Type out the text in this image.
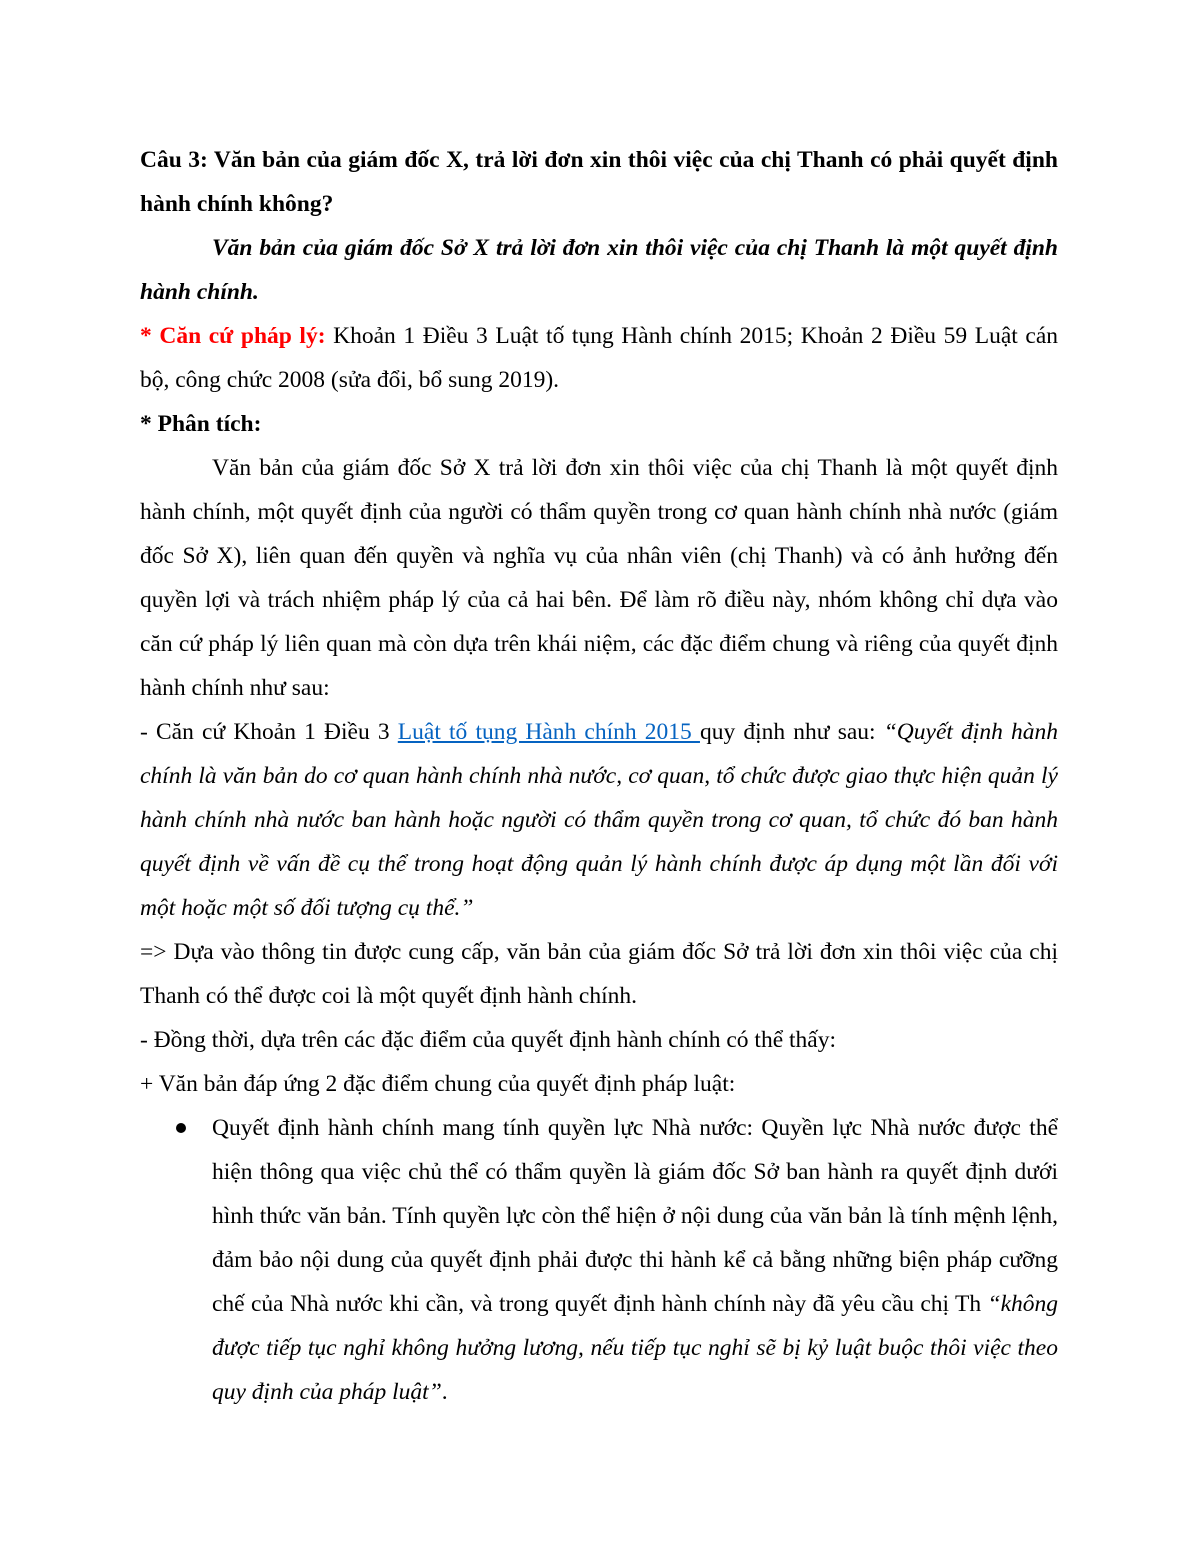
Câu 3: Văn bản của giám đốc X, trả lời đơn xin thôi việc của chị Thanh có phải quyết định hành chính không?

Văn bản của giám đốc Sở X trả lời đơn xin thôi việc của chị Thanh là một quyết định hành chính.

* Căn cứ pháp lý: Khoản 1 Điều 3 Luật tố tụng Hành chính 2015; Khoản 2 Điều 59 Luật cán bộ, công chức 2008 (sửa đổi, bổ sung 2019).

* Phân tích:

Văn bản của giám đốc Sở X trả lời đơn xin thôi việc của chị Thanh là một quyết định hành chính, một quyết định của người có thẩm quyền trong cơ quan hành chính nhà nước (giám đốc Sở X), liên quan đến quyền và nghĩa vụ của nhân viên (chị Thanh) và có ảnh hưởng đến quyền lợi và trách nhiệm pháp lý của cả hai bên. Để làm rõ điều này, nhóm không chỉ dựa vào căn cứ pháp lý liên quan mà còn dựa trên khái niệm, các đặc điểm chung và riêng của quyết định hành chính như sau:

- Căn cứ Khoản 1 Điều 3 Luật tố tụng Hành chính 2015 quy định như sau: “Quyết định hành chính là văn bản do cơ quan hành chính nhà nước, cơ quan, tổ chức được giao thực hiện quản lý hành chính nhà nước ban hành hoặc người có thẩm quyền trong cơ quan, tổ chức đó ban hành quyết định về vấn đề cụ thể trong hoạt động quản lý hành chính được áp dụng một lần đối với một hoặc một số đối tượng cụ thể.”

=> Dựa vào thông tin được cung cấp, văn bản của giám đốc Sở trả lời đơn xin thôi việc của chị Thanh có thể được coi là một quyết định hành chính.

- Đồng thời, dựa trên các đặc điểm của quyết định hành chính có thể thấy:

+ Văn bản đáp ứng 2 đặc điểm chung của quyết định pháp luật:

Quyết định hành chính mang tính quyền lực Nhà nước: Quyền lực Nhà nước được thể hiện thông qua việc chủ thể có thẩm quyền là giám đốc Sở ban hành ra quyết định dưới hình thức văn bản. Tính quyền lực còn thể hiện ở nội dung của văn bản là tính mệnh lệnh, đảm bảo nội dung của quyết định phải được thi hành kể cả bằng những biện pháp cưỡng chế của Nhà nước khi cần, và trong quyết định hành chính này đã yêu cầu chị Th “không được tiếp tục nghỉ không hưởng lương, nếu tiếp tục nghỉ sẽ bị kỷ luật buộc thôi việc theo quy định của pháp luật”.
